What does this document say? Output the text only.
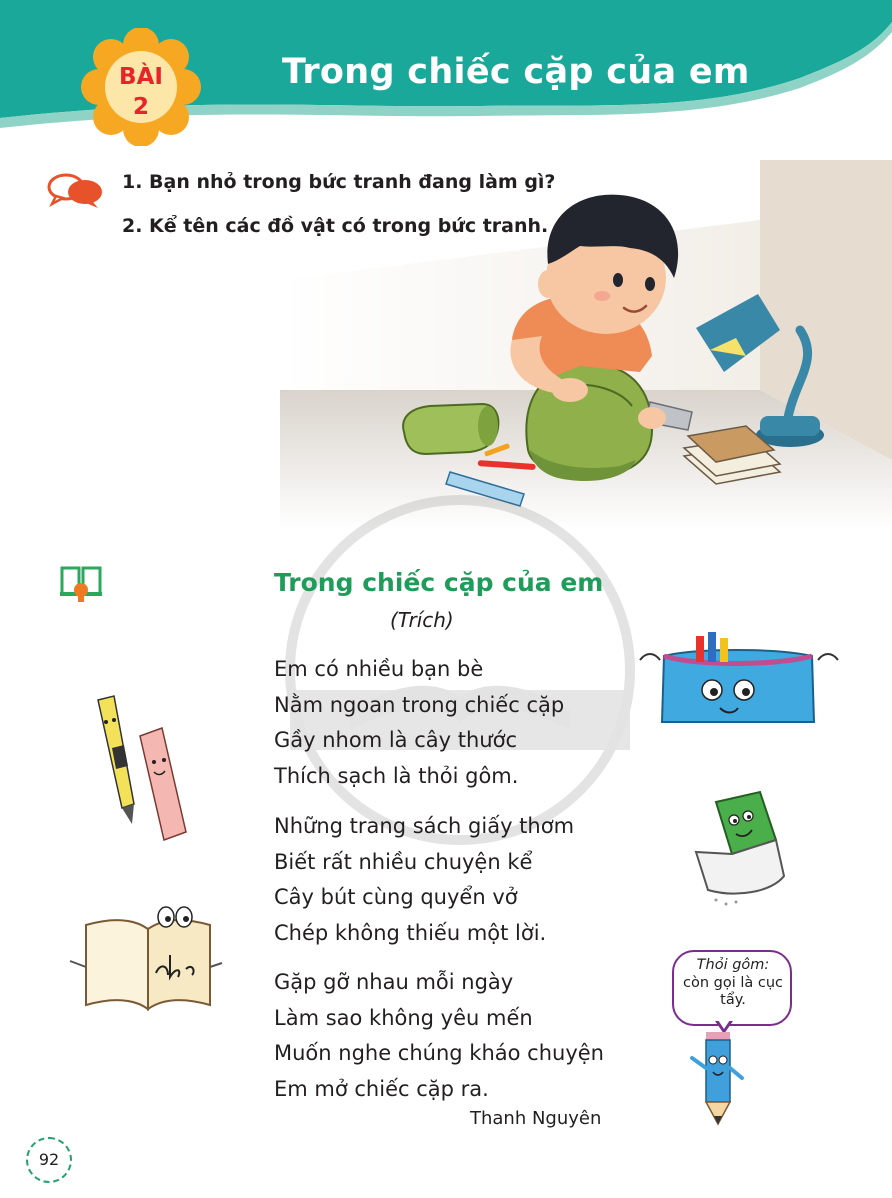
Trong chiếc cặp của em
BÀI
2
1. Bạn nhỏ trong bức tranh đang làm gì?
2. Kể tên các đồ vật có trong bức tranh.
Trong chiếc cặp của em
(Trích)
Em có nhiều bạn bè
Nằm ngoan trong chiếc cặp
Gầy nhom là cây thước
Thích sạch là thỏi gôm.
Những trang sách giấy thơm
Biết rất nhiều chuyện kể
Cây bút cùng quyển vở
Chép không thiếu một lời.
Gặp gỡ nhau mỗi ngày
Làm sao không yêu mến
Muốn nghe chúng kháo chuyện
Em mở chiếc cặp ra.
Thanh Nguyên
Thỏi gôm:
còn gọi là cục tẩy.
92
